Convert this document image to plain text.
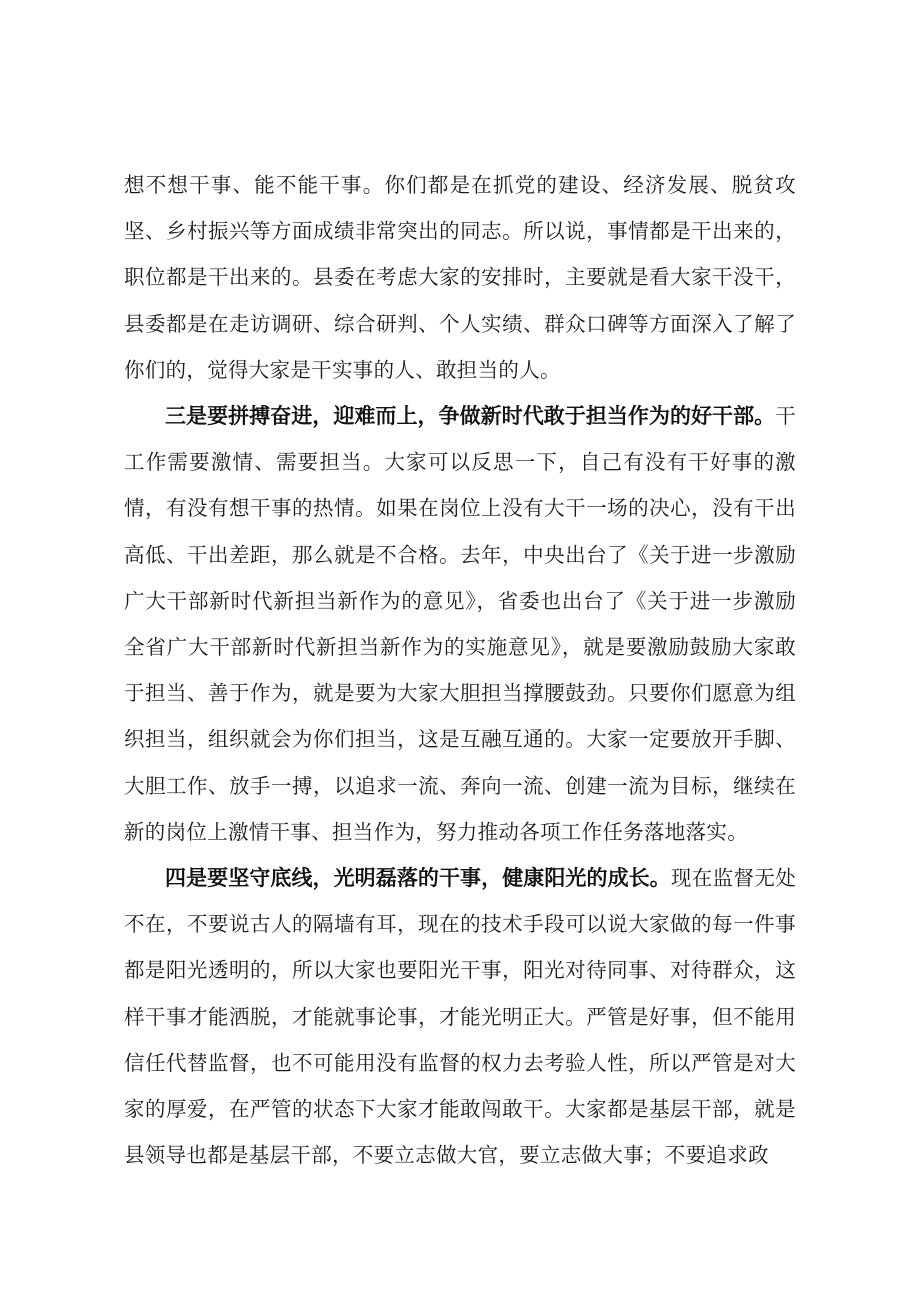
想不想干事、能不能干事。你们都是在抓党的建设、经济发展、脱贫攻坚、乡村振兴等方面成绩非常突出的同志。所以说，事情都是干出来的，职位都是干出来的。县委在考虑大家的安排时，主要就是看大家干没干，县委都是在走访调研、综合研判、个人实绩、群众口碑等方面深入了解了你们的，觉得大家是干实事的人、敢担当的人。

三是要拼搏奋进，迎难而上，争做新时代敢于担当作为的好干部。干工作需要激情、需要担当。大家可以反思一下，自己有没有干好事的激情，有没有想干事的热情。如果在岗位上没有大干一场的决心，没有干出高低、干出差距，那么就是不合格。去年，中央出台了《关于进一步激励广大干部新时代新担当新作为的意见》，省委也出台了《关于进一步激励全省广大干部新时代新担当新作为的实施意见》，就是要激励鼓励大家敢于担当、善于作为，就是要为大家大胆担当撑腰鼓劲。只要你们愿意为组织担当，组织就会为你们担当，这是互融互通的。大家一定要放开手脚、大胆工作、放手一搏，以追求一流、奔向一流、创建一流为目标，继续在新的岗位上激情干事、担当作为，努力推动各项工作任务落地落实。

四是要坚守底线，光明磊落的干事，健康阳光的成长。现在监督无处不在，不要说古人的隔墙有耳，现在的技术手段可以说大家做的每一件事都是阳光透明的，所以大家也要阳光干事，阳光对待同事、对待群众，这样干事才能洒脱，才能就事论事，才能光明正大。严管是好事，但不能用信任代替监督，也不可能用没有监督的权力去考验人性，所以严管是对大家的厚爱，在严管的状态下大家才能敢闯敢干。大家都是基层干部，就是县领导也都是基层干部，不要立志做大官，要立志做大事；不要追求政
